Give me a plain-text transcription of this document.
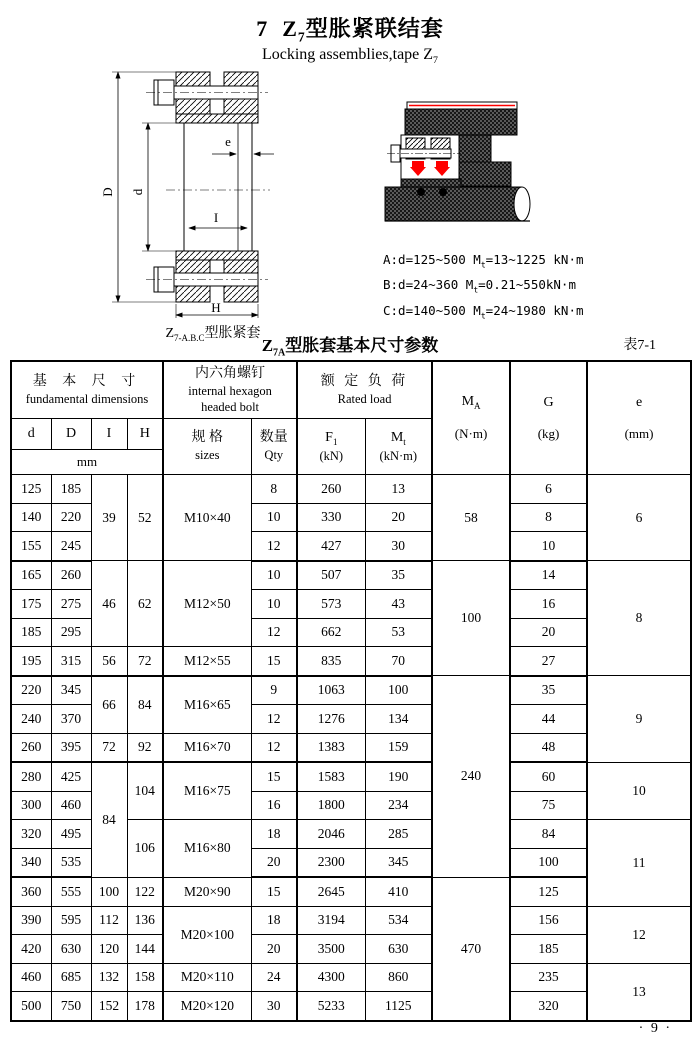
7 $Z_7$型胀紧联结套
Locking assemblies,tape $Z_7$
D d
e
I
H
$Z_{7-A.B.C}$型胀紧套
A:d=125~500 $M_t=13\sim 1225$ kN·m
B:d=24~360 $M_t=0.21\sim 550kN\cdot m$
C:d=140~500 $M_t=24\sim 1980$ kN·m
$Z_{7A}$型胀套基本尺寸参数	表7-1
基 本 尺 寸
fundamental dimensions

内六角螺钉
internal hexagon
headed bolt

额 定 负 荷
Rated load	$M_A$
(N·m)

G
(kg)

e
(mm)

d	D	I	H	规 格
sizes

数量
Qty

$F_1$
(kN)

$M_t$
(kN·m)

mm										
125	185	39	52	M10×40	8	260	13	58	6	6
140	220				10	330	20		8	
155	245				12	427	30		10	
165	260	46	62	M12×50	10	507	35	100	14	8
175	275				10	573	43		16	
185	295				12	662	53		20	
195	315	56	72	M12×55	15	835	70		27	
220	345	66	84	M16×65	9	1063	100	240	35	9
240	370				12	1276	134		44	
260	395	72	92	M16×70	12	1383	159		48	
280	425	84	104	M16×75	15	1583	190		60	10
300	460				16	1800	234		75	
320	495		106	M16×80	18	2046	285		84	11
340	535				20	2300	345		100	
360	555	100	122	M20×90	15	2645	410	470	125	
390	595	112	136	M20×100	18	3194	534		156	12
420	630	120	144		20	3500	630		185	
460	685	132	158	M20×110	24	4300	860		235	13
500	750	152	178	M20×120	30	5233	1125		320	
· 9 ·
